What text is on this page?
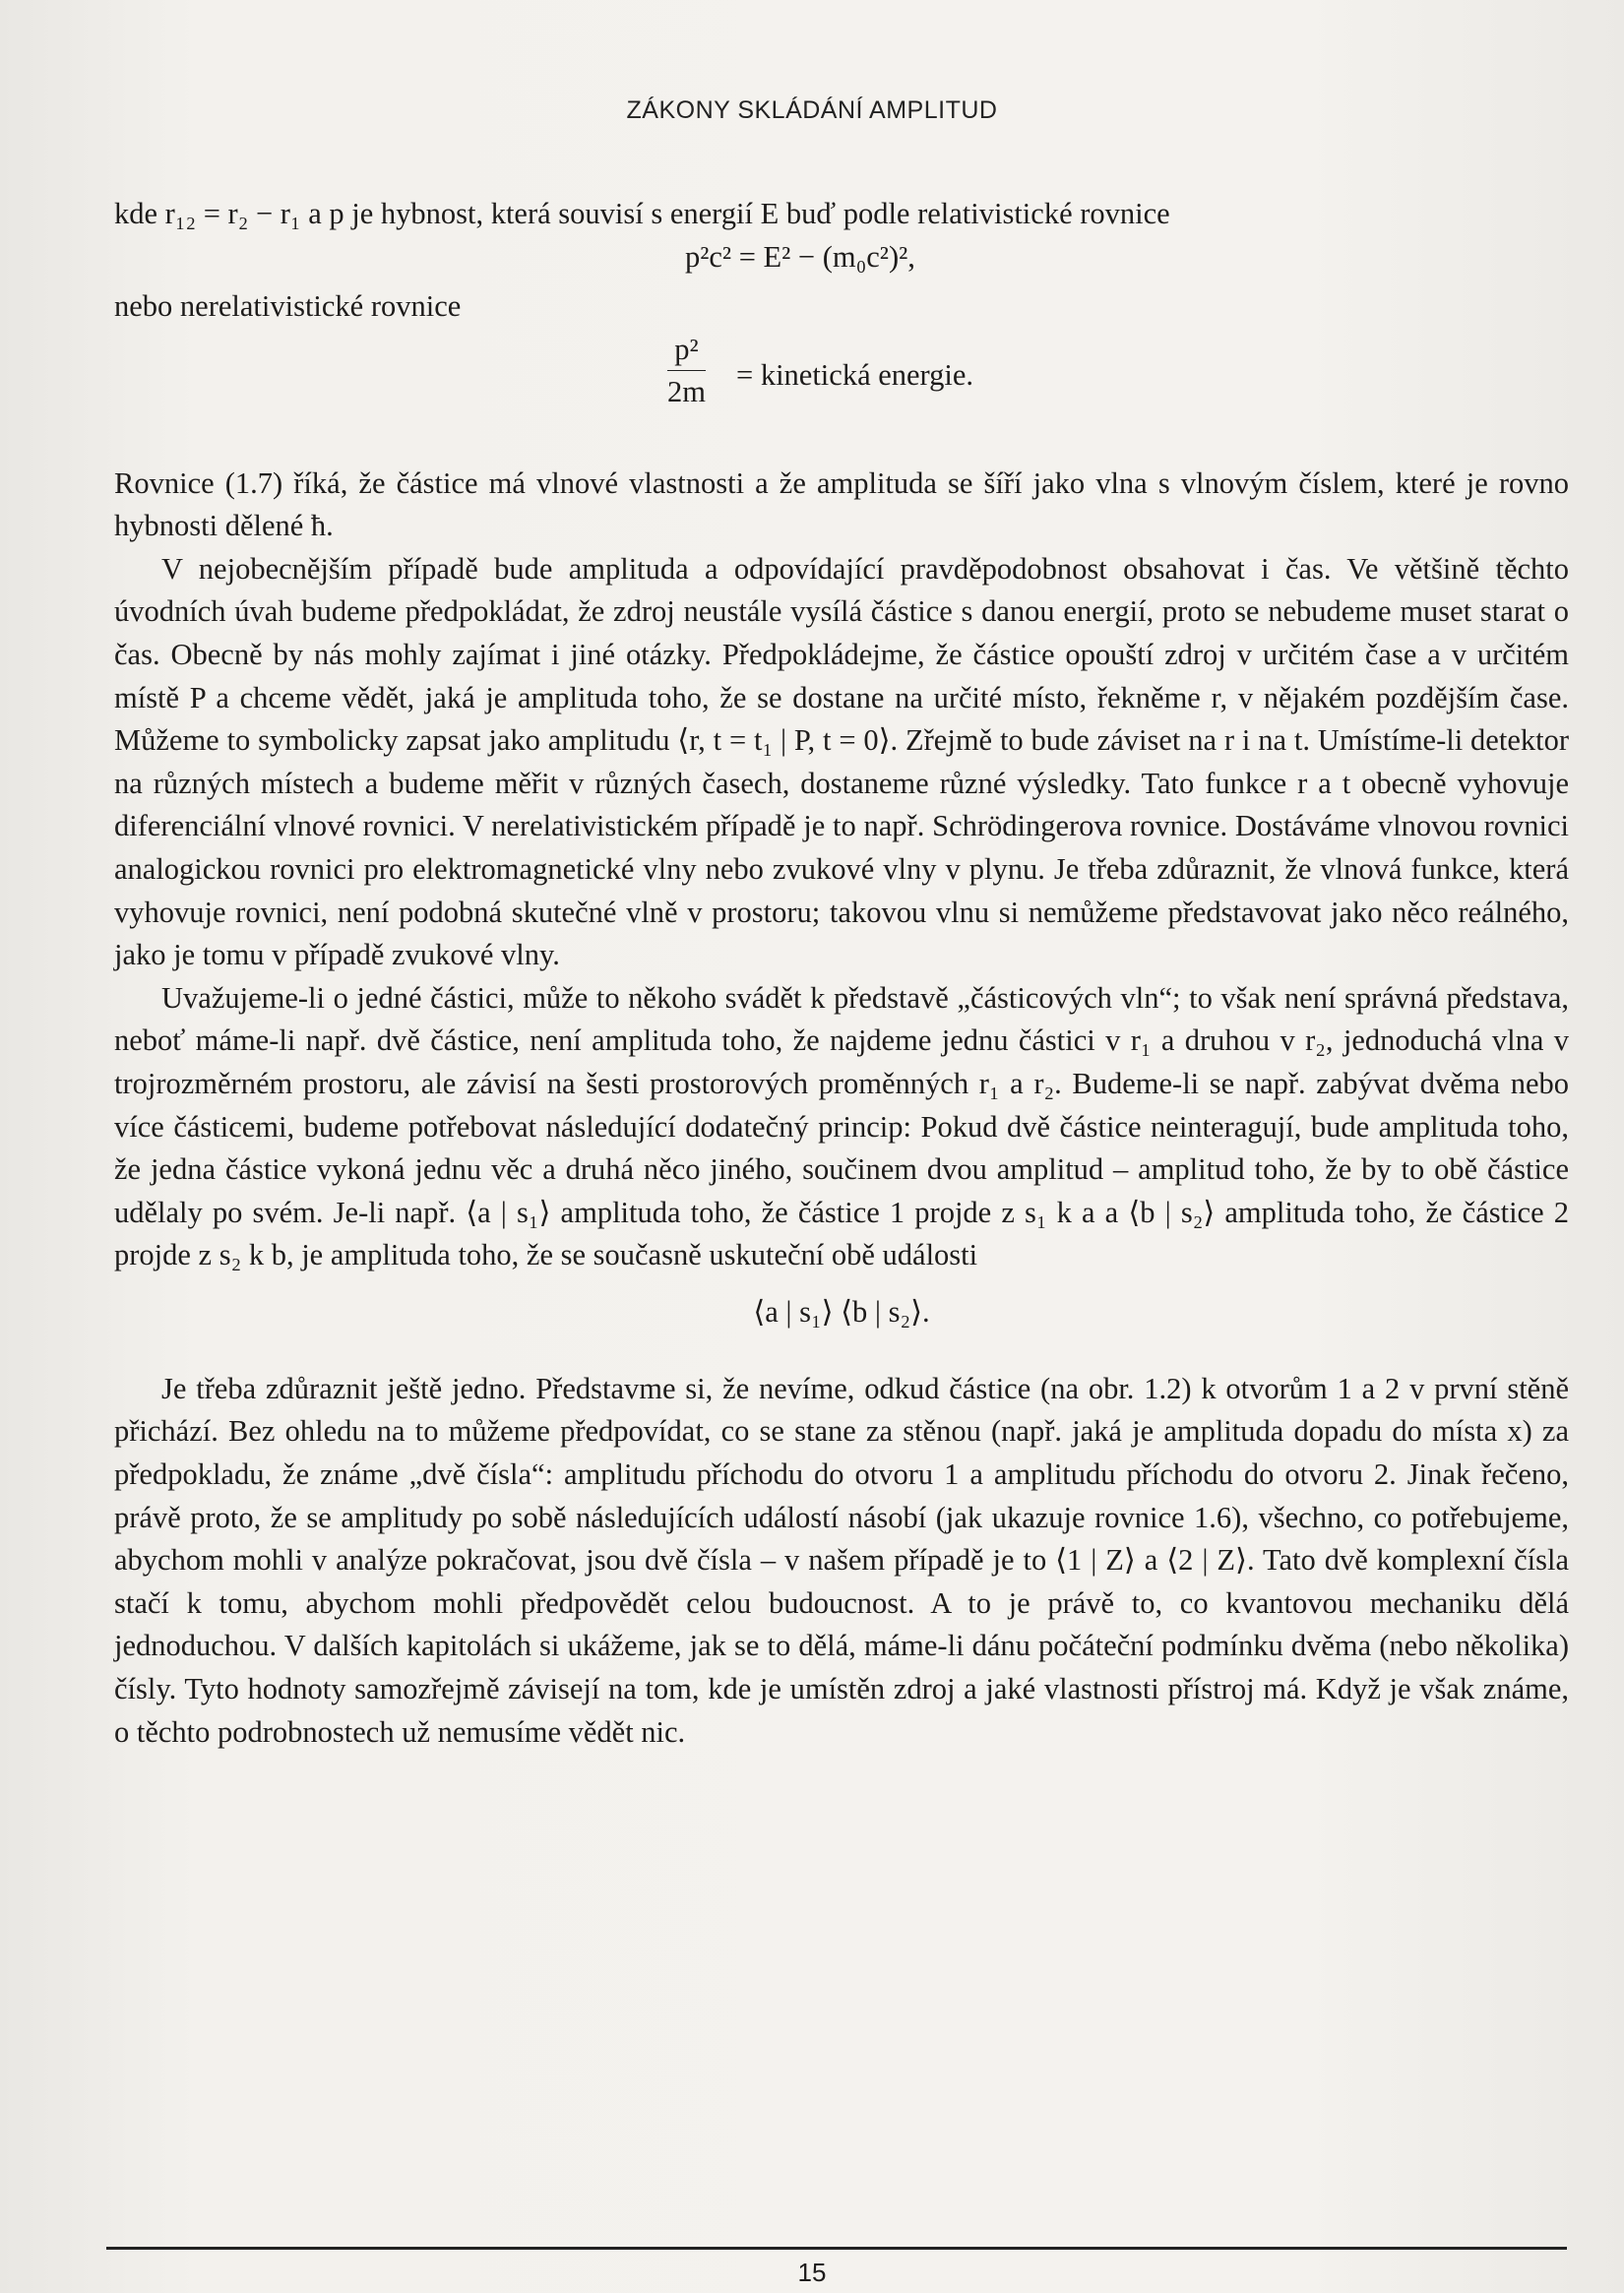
ZÁKONY SKLÁDÁNÍ AMPLITUD

kde r₁₂ = r₂ − r₁ a p je hybnost, která souvisí s energií E buď podle relativistické rovnice

p²c² = E² − (m₀c²)²,
nebo nerelativistické rovnice
$\frac{\text{p²}}{2m}$ = kinetická energie.

Rovnice (1.7) říká, že částice má vlnové vlastnosti a že amplituda se šíří jako vlna s vlnovým číslem, které je rovno hybnosti dělené ħ.

V nejobecnějším případě bude amplituda a odpovídající pravděpodobnost obsahovat i čas. Ve většině těchto úvodních úvah budeme předpokládat, že zdroj neustále vysílá částice s danou energií, proto se nebudeme muset starat o čas. Obecně by nás mohly zajímat i jiné otázky. Předpokládejme, že částice opouští zdroj v určitém čase a v určitém místě P a chceme vědět, jaká je amplituda toho, že se dostane na určité místo, řekněme r, v nějakém pozdějším čase. Můžeme to symbolicky zapsat jako amplitudu ⟨r, t = t₁ | P, t = 0⟩. Zřejmě to bude záviset na r i na t. Umístíme-li detektor na různých místech a budeme měřit v různých časech, dostaneme různé výsledky. Tato funkce r a t obecně vyhovuje diferenciální vlnové rovnici. V nerelativistickém případě je to např. Schrödingerova rovnice. Dostáváme vlnovou rovnici analogickou rovnici pro elektromagnetické vlny nebo zvukové vlny v plynu. Je třeba zdůraznit, že vlnová funkce, která vyhovuje rovnici, není podobná skutečné vlně v prostoru; takovou vlnu si nemůžeme představovat jako něco reálného, jako je tomu v případě zvukové vlny.

Uvažujeme-li o jedné částici, může to někoho svádět k představě „částicových vln“; to však není správná představa, neboť máme-li např. dvě částice, není amplituda toho, že najdeme jednu částici v r₁ a druhou v r₂, jednoduchá vlna v trojrozměrném prostoru, ale závisí na šesti prostorových proměnných r₁ a r₂. Budeme-li se např. zabývat dvěma nebo více částicemi, budeme potřebovat následující dodatečný princip: Pokud dvě částice neinteragují, bude amplituda toho, že jedna částice vykoná jednu věc a druhá něco jiného, součinem dvou amplitud – amplitud toho, že by to obě částice udělaly po svém. Je-li např. ⟨a | s₁⟩ amplituda toho, že částice 1 projde z s₁ k a a ⟨b | s₂⟩ amplituda toho, že částice 2 projde z s₂ k b, je amplituda toho, že se současně uskuteční obě události

⟨a | s₁⟩ ⟨b | s₂⟩.

Je třeba zdůraznit ještě jedno. Představme si, že nevíme, odkud částice (na obr. 1.2) k otvorům 1 a 2 v první stěně přichází. Bez ohledu na to můžeme předpovídat, co se stane za stěnou (např. jaká je amplituda dopadu do místa x) za předpokladu, že známe „dvě čísla“: amplitudu příchodu do otvoru 1 a amplitudu příchodu do otvoru 2. Jinak řečeno, právě proto, že se amplitudy po sobě následujících událostí násobí (jak ukazuje rovnice 1.6), všechno, co potřebujeme, abychom mohli v analýze pokračovat, jsou dvě čísla – v našem případě je to ⟨1 | Z⟩ a ⟨2 | Z⟩. Tato dvě komplexní čísla stačí k tomu, abychom mohli předpovědět celou budoucnost. A to je právě to, co kvantovou mechaniku dělá jednoduchou. V dalších kapitolách si ukážeme, jak se to dělá, máme-li dánu počáteční podmínku dvěma (nebo několika) čísly. Tyto hodnoty samozřejmě závisejí na tom, kde je umístěn zdroj a jaké vlastnosti přístroj má. Když je však známe, o těchto podrobnostech už nemusíme vědět nic.

15
